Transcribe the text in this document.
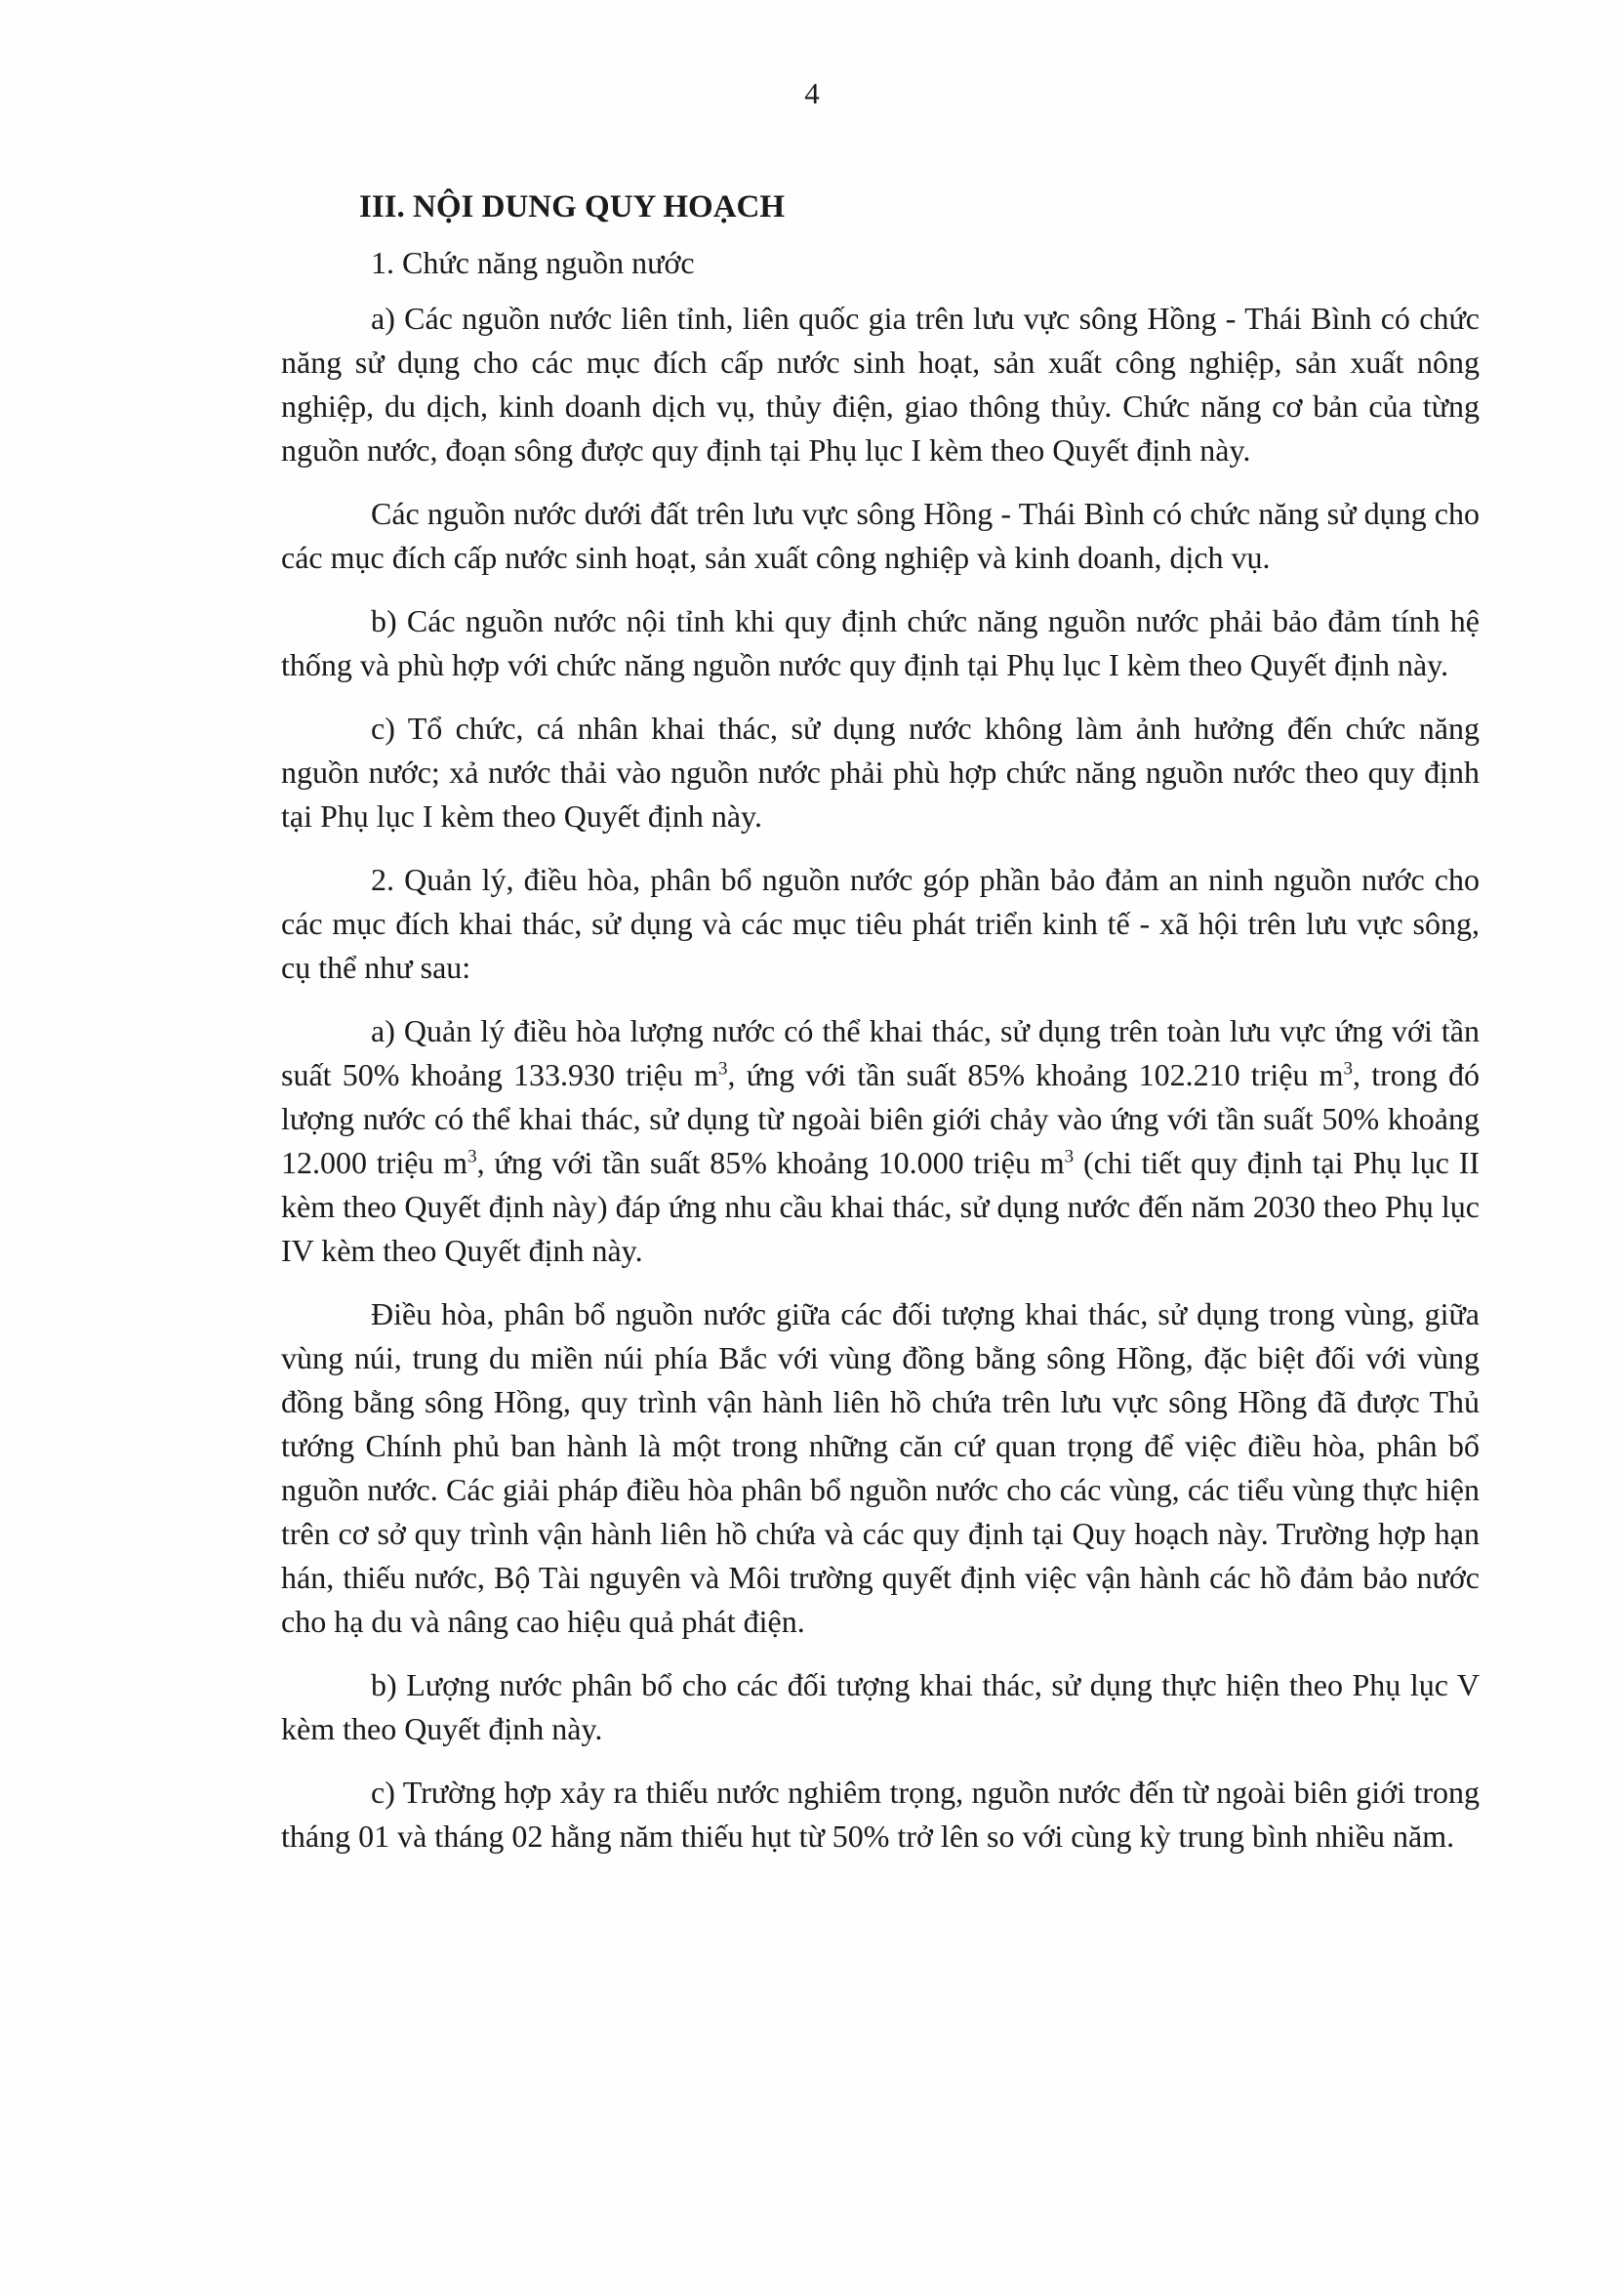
4
III. NỘI DUNG QUY HOẠCH

1. Chức năng nguồn nước

a) Các nguồn nước liên tỉnh, liên quốc gia trên lưu vực sông Hồng - Thái Bình có chức năng sử dụng cho các mục đích cấp nước sinh hoạt, sản xuất công nghiệp, sản xuất nông nghiệp, du dịch, kinh doanh dịch vụ, thủy điện, giao thông thủy. Chức năng cơ bản của từng nguồn nước, đoạn sông được quy định tại Phụ lục I kèm theo Quyết định này.

Các nguồn nước dưới đất trên lưu vực sông Hồng - Thái Bình có chức năng sử dụng cho các mục đích cấp nước sinh hoạt, sản xuất công nghiệp và kinh doanh, dịch vụ.

b) Các nguồn nước nội tỉnh khi quy định chức năng nguồn nước phải bảo đảm tính hệ thống và phù hợp với chức năng nguồn nước quy định tại Phụ lục I kèm theo Quyết định này.

c) Tổ chức, cá nhân khai thác, sử dụng nước không làm ảnh hưởng đến chức năng nguồn nước; xả nước thải vào nguồn nước phải phù hợp chức năng nguồn nước theo quy định tại Phụ lục I kèm theo Quyết định này.

2. Quản lý, điều hòa, phân bổ nguồn nước góp phần bảo đảm an ninh nguồn nước cho các mục đích khai thác, sử dụng và các mục tiêu phát triển kinh tế - xã hội trên lưu vực sông, cụ thể như sau:

a) Quản lý điều hòa lượng nước có thể khai thác, sử dụng trên toàn lưu vực ứng với tần suất 50% khoảng 133.930 triệu $m^3$, ứng với tần suất 85% khoảng 102.210 triệu $m^3$, trong đó lượng nước có thể khai thác, sử dụng từ ngoài biên giới chảy vào ứng với tần suất 50% khoảng 12.000 triệu $m^3$, ứng với tần suất 85% khoảng 10.000 triệu $m^3$ (chi tiết quy định tại Phụ lục II kèm theo Quyết định này) đáp ứng nhu cầu khai thác, sử dụng nước đến năm 2030 theo Phụ lục IV kèm theo Quyết định này.

Điều hòa, phân bổ nguồn nước giữa các đối tượng khai thác, sử dụng trong vùng, giữa vùng núi, trung du miền núi phía Bắc với vùng đồng bằng sông Hồng, đặc biệt đối với vùng đồng bằng sông Hồng, quy trình vận hành liên hồ chứa trên lưu vực sông Hồng đã được Thủ tướng Chính phủ ban hành là một trong những căn cứ quan trọng để việc điều hòa, phân bổ nguồn nước. Các giải pháp điều hòa phân bổ nguồn nước cho các vùng, các tiểu vùng thực hiện trên cơ sở quy trình vận hành liên hồ chứa và các quy định tại Quy hoạch này. Trường hợp hạn hán, thiếu nước, Bộ Tài nguyên và Môi trường quyết định việc vận hành các hồ đảm bảo nước cho hạ du và nâng cao hiệu quả phát điện.

b) Lượng nước phân bổ cho các đối tượng khai thác, sử dụng thực hiện theo Phụ lục V kèm theo Quyết định này.

c) Trường hợp xảy ra thiếu nước nghiêm trọng, nguồn nước đến từ ngoài biên giới trong tháng 01 và tháng 02 hằng năm thiếu hụt từ 50% trở lên so với cùng kỳ trung bình nhiều năm.
